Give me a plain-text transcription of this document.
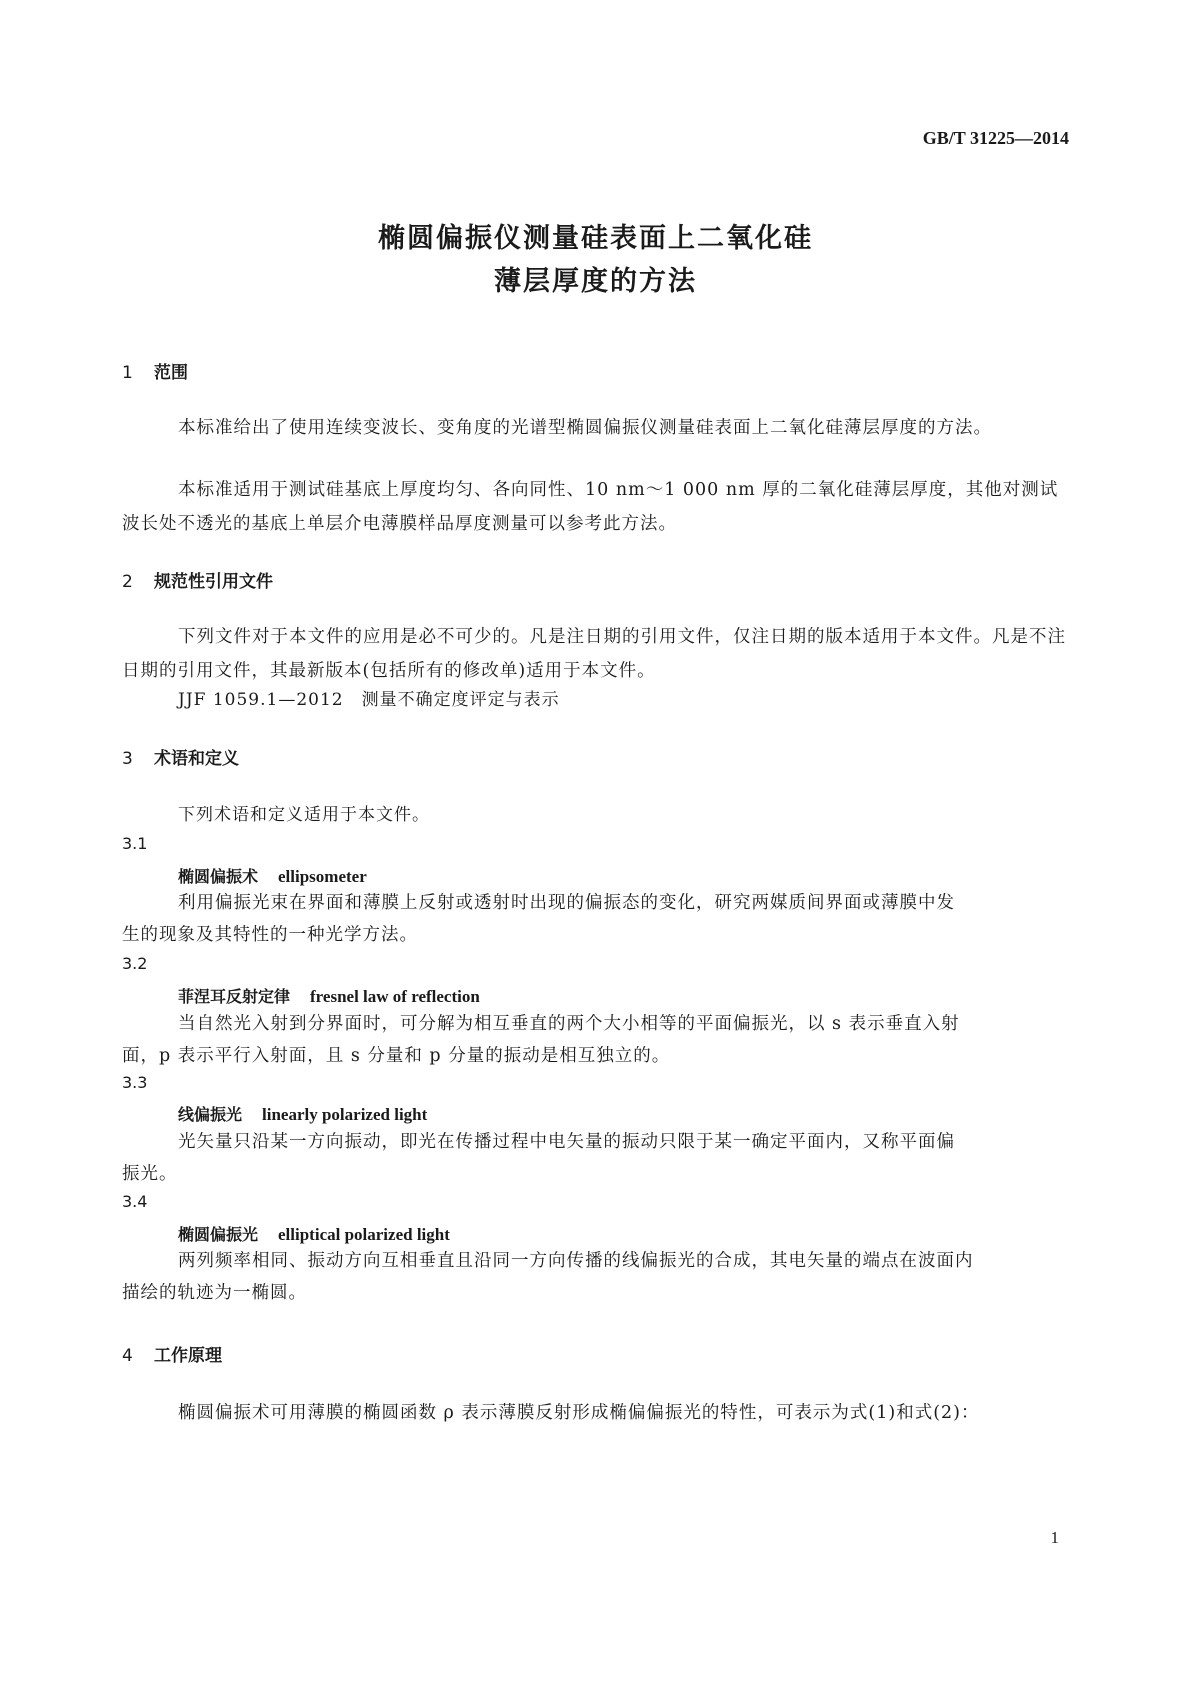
GB/T 31225—2014
椭圆偏振仪测量硅表面上二氧化硅
薄层厚度的方法
1 范围
本标准给出了使用连续变波长、变角度的光谱型椭圆偏振仪测量硅表面上二氧化硅薄层厚度的方法。
本标准适用于测试硅基底上厚度均匀、各向同性、10 nm～1 000 nm 厚的二氧化硅薄层厚度，其他对测试波长处不透光的基底上单层介电薄膜样品厚度测量可以参考此方法。
2 规范性引用文件
下列文件对于本文件的应用是必不可少的。凡是注日期的引用文件，仅注日期的版本适用于本文件。凡是不注日期的引用文件，其最新版本(包括所有的修改单)适用于本文件。
JJF 1059.1—2012　测量不确定度评定与表示
3 术语和定义
下列术语和定义适用于本文件。
3.1
椭圆偏振术 ellipsometer
利用偏振光束在界面和薄膜上反射或透射时出现的偏振态的变化，研究两媒质间界面或薄膜中发
生的现象及其特性的一种光学方法。
3.2
菲涅耳反射定律 fresnel law of reflection
当自然光入射到分界面时，可分解为相互垂直的两个大小相等的平面偏振光，以 s 表示垂直入射
面，p 表示平行入射面，且 s 分量和 p 分量的振动是相互独立的。
3.3
线偏振光 linearly polarized light
光矢量只沿某一方向振动，即光在传播过程中电矢量的振动只限于某一确定平面内，又称平面偏
振光。
3.4
椭圆偏振光 elliptical polarized light
两列频率相同、振动方向互相垂直且沿同一方向传播的线偏振光的合成，其电矢量的端点在波面内
描绘的轨迹为一椭圆。
4 工作原理
椭圆偏振术可用薄膜的椭圆函数 ρ 表示薄膜反射形成椭偏偏振光的特性，可表示为式(1)和式(2)：
1
